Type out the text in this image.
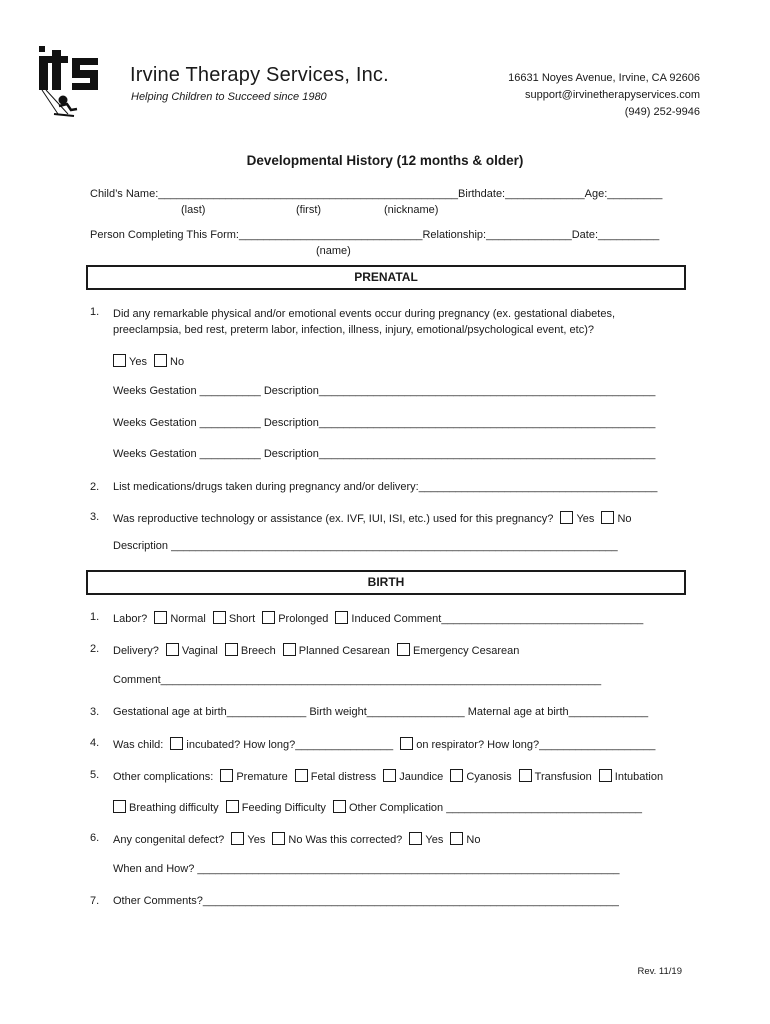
Irvine Therapy Services, Inc.
Helping Children to Succeed since 1980
16631 Noyes Avenue, Irvine, CA 92606
support@irvinetherapyservices.com
(949) 252-9946
Developmental History (12 months & older)
Child’s Name:_________________________________________________Birthdate:_____________Age:_________
(last)	(first)	(nickname)
Person Completing This Form:______________________________Relationship:______________Date:__________
(name)
PRENATAL
1. Did any remarkable physical and/or emotional events occur during pregnancy (ex. gestational diabetes, preeclampsia, bed rest, preterm labor, infection, illness, injury, emotional/psychological event, etc)?
Yes No
Weeks Gestation __________ Description_______________________________________________________
Weeks Gestation __________ Description_______________________________________________________
Weeks Gestation __________ Description_______________________________________________________
2. List medications/drugs taken during pregnancy and/or delivery:_______________________________________
3. Was reproductive technology or assistance (ex. IVF, IUI, ISI, etc.) used for this pregnancy? Yes No
Description _________________________________________________________________________
BIRTH
1. Labor? Normal Short Prolonged Induced Comment_________________________________
2. Delivery? Vaginal Breech Planned Cesarean Emergency Cesarean
Comment________________________________________________________________________
3. Gestational age at birth_____________ Birth weight________________ Maternal age at birth_____________
4. Was child: incubated? How long?________________ on respirator? How long?___________________
5. Other complications: Premature Fetal distress Jaundice Cyanosis Transfusion Intubation
Breathing difficulty Feeding Difficulty Other Complication ________________________________
6. Any congenital defect? Yes No Was this corrected? Yes No
When and How? _____________________________________________________________________
7. Other Comments?____________________________________________________________________
Rev. 11/19
